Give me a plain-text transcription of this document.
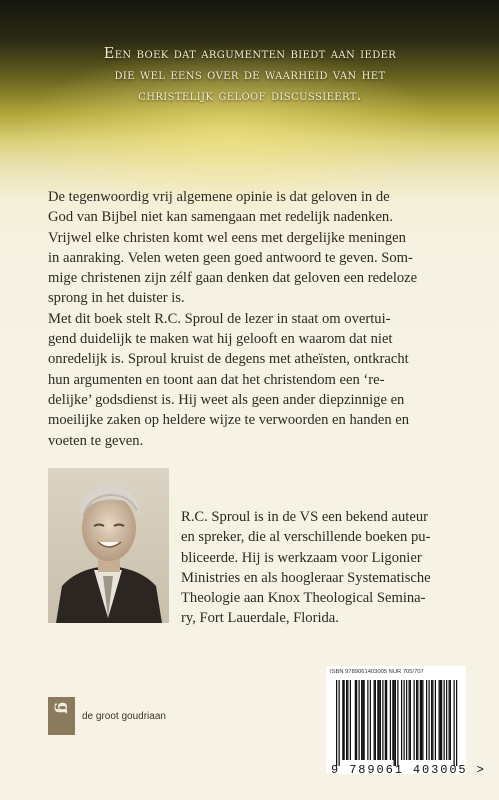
Een boek dat argumenten biedt aan ieder
die wel eens over de waarheid van het
christelijk geloof discussieert.
De tegenwoordig vrij algemene opinie is dat geloven in de
God van Bijbel niet kan samengaan met redelijk nadenken.
Vrijwel elke christen komt wel eens met dergelijke meningen
in aanraking. Velen weten geen goed antwoord te geven. Som-
mige christenen zijn zélf gaan denken dat geloven een redeloze
sprong in het duister is.
Met dit boek stelt R.C. Sproul de lezer in staat om overtui-
gend duidelijk te maken wat hij gelooft en waarom dat niet
onredelijk is. Sproul kruist de degens met atheïsten, ontkracht
hun argumenten en toont aan dat het christendom een ‘re-
delijke’ godsdienst is. Hij weet als geen ander diepzinnige en
moeilijke zaken op heldere wijze te verwoorden en handen en
voeten te geven.
R.C. Sproul is in de VS een bekend auteur
en spreker, die al verschillende boeken pu-
bliceerde. Hij is werkzaam voor Ligonier
Ministries en als hoogleraar Systematische
Theologie aan Knox Theological Semina-
ry, Fort Lauerdale, Florida.
g
de groot goudriaan
ISBN 9789061403005 NUR 705/707
9 789061 403005 >
